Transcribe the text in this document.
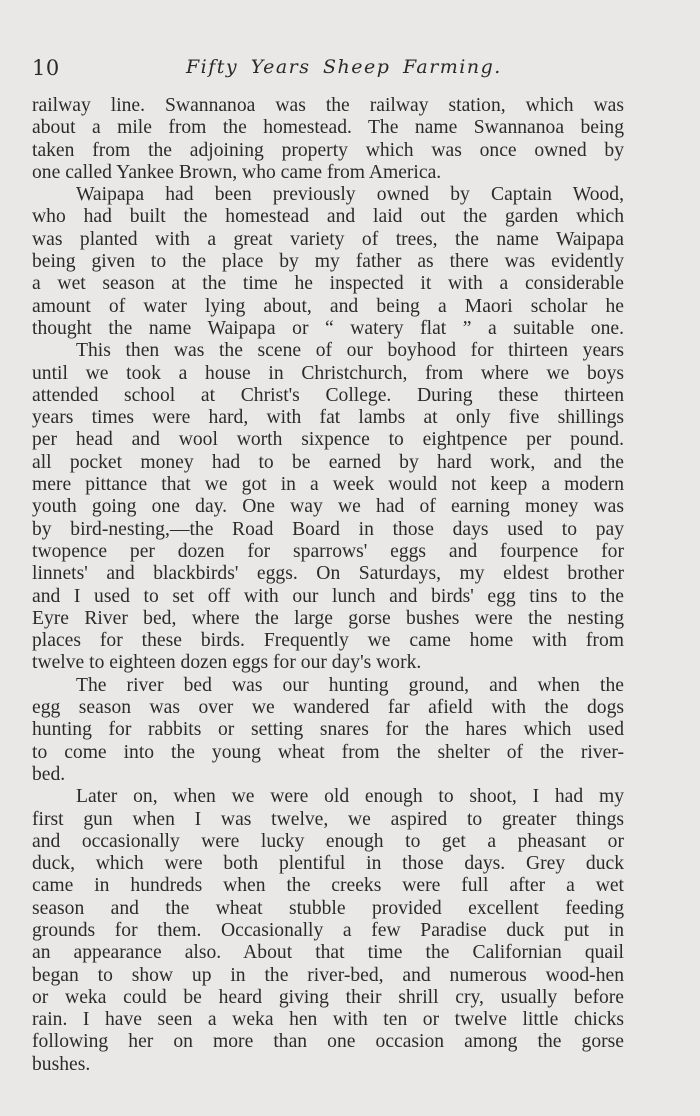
10	Fifty Years Sheep Farming.
railway line. Swannanoa was the railway station, which was
about a mile from the homestead. The name Swannanoa being
taken from the adjoining property which was once owned by
one called Yankee Brown, who came from America.
Waipapa had been previously owned by Captain Wood,
who had built the homestead and laid out the garden which
was planted with a great variety of trees, the name Waipapa
being given to the place by my father as there was evidently
a wet season at the time he inspected it with a considerable
amount of water lying about, and being a Maori scholar he
thought the name Waipapa or “ watery flat ” a suitable one.
This then was the scene of our boyhood for thirteen years
until we took a house in Christchurch, from where we boys
attended school at Christ's College. During these thirteen
years times were hard, with fat lambs at only five shillings
per head and wool worth sixpence to eightpence per pound.
all pocket money had to be earned by hard work, and the
mere pittance that we got in a week would not keep a modern
youth going one day. One way we had of earning money was
by bird-nesting,—the Road Board in those days used to pay
twopence per dozen for sparrows' eggs and fourpence for
linnets' and blackbirds' eggs. On Saturdays, my eldest brother
and I used to set off with our lunch and birds' egg tins to the
Eyre River bed, where the large gorse bushes were the nesting
places for these birds. Frequently we came home with from
twelve to eighteen dozen eggs for our day's work.
The river bed was our hunting ground, and when the
egg season was over we wandered far afield with the dogs
hunting for rabbits or setting snares for the hares which used
to come into the young wheat from the shelter of the river-
bed.
Later on, when we were old enough to shoot, I had my
first gun when I was twelve, we aspired to greater things
and occasionally were lucky enough to get a pheasant or
duck, which were both plentiful in those days. Grey duck
came in hundreds when the creeks were full after a wet
season and the wheat stubble provided excellent feeding
grounds for them. Occasionally a few Paradise duck put in
an appearance also. About that time the Californian quail
began to show up in the river-bed, and numerous wood-hen
or weka could be heard giving their shrill cry, usually before
rain. I have seen a weka hen with ten or twelve little chicks
following her on more than one occasion among the gorse
bushes.
